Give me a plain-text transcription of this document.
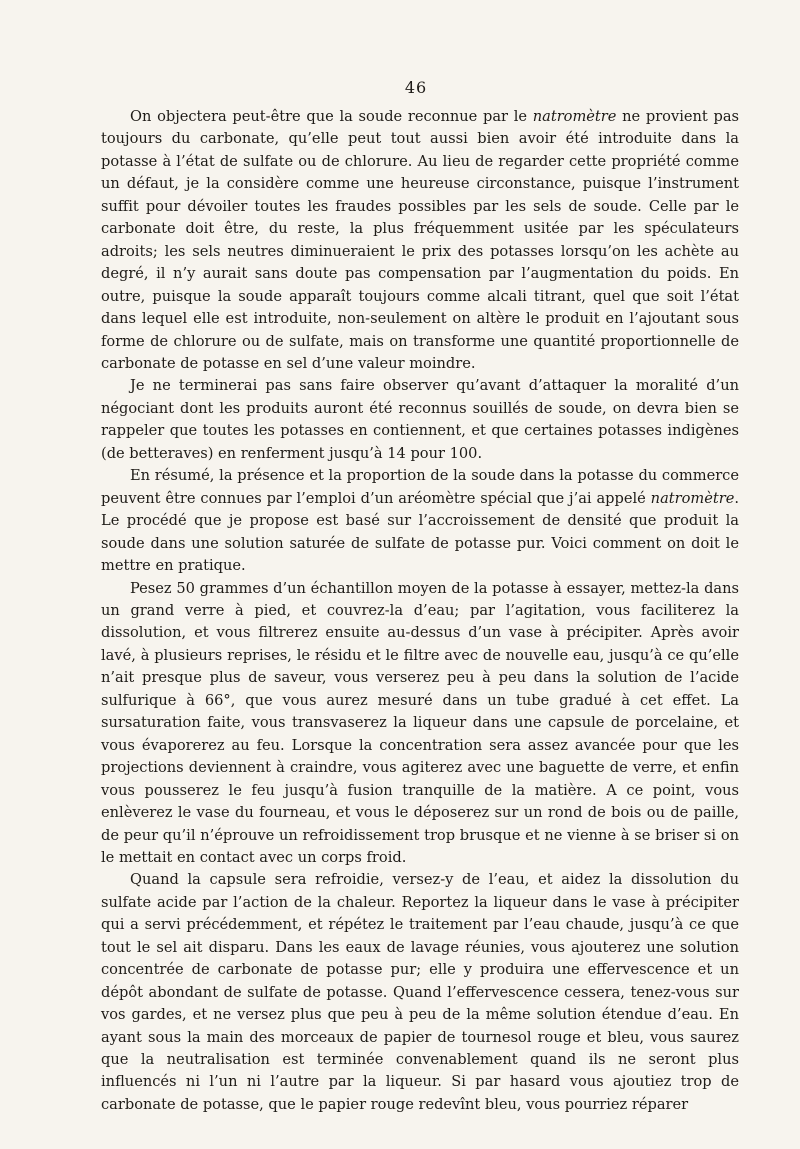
46

On objectera peut-être que la soude reconnue par le natromètre ne provient pas toujours du carbonate, qu’elle peut tout aussi bien avoir été introduite dans la potasse à l’état de sulfate ou de chlorure. Au lieu de regarder cette propriété comme un défaut, je la considère comme une heureuse circonstance, puisque l’instrument suffit pour dévoiler toutes les fraudes possibles par les sels de soude. Celle par le carbonate doit être, du reste, la plus fréquemment usitée par les spéculateurs adroits; les sels neutres diminueraient le prix des potasses lorsqu’on les achète au degré, il n’y aurait sans doute pas compensation par l’augmentation du poids. En outre, puisque la soude apparaît toujours comme alcali titrant, quel que soit l’état dans lequel elle est introduite, non-seulement on altère le produit en l’ajoutant sous forme de chlorure ou de sulfate, mais on transforme une quantité proportionnelle de carbonate de potasse en sel d’une valeur moindre.

Je ne terminerai pas sans faire observer qu’avant d’attaquer la moralité d’un négociant dont les produits auront été reconnus souillés de soude, on devra bien se rappeler que toutes les potasses en contiennent, et que certaines potasses indigènes (de betteraves) en renferment jusqu’à 14 pour 100.

En résumé, la présence et la proportion de la soude dans la potasse du commerce peuvent être connues par l’emploi d’un aréomètre spécial que j’ai appelé natromètre. Le procédé que je propose est basé sur l’accroissement de densité que produit la soude dans une solution saturée de sulfate de potasse pur. Voici comment on doit le mettre en pratique.

Pesez 50 grammes d’un échantillon moyen de la potasse à essayer, mettez-la dans un grand verre à pied, et couvrez-la d’eau; par l’agitation, vous faciliterez la dissolution, et vous filtrerez ensuite au-dessus d’un vase à précipiter. Après avoir lavé, à plusieurs reprises, le résidu et le filtre avec de nouvelle eau, jusqu’à ce qu’elle n’ait presque plus de saveur, vous verserez peu à peu dans la solution de l’acide sulfurique à 66°, que vous aurez mesuré dans un tube gradué à cet effet. La sursaturation faite, vous transvaserez la liqueur dans une capsule de porcelaine, et vous évaporerez au feu. Lorsque la concentration sera assez avancée pour que les projections deviennent à craindre, vous agiterez avec une baguette de verre, et enfin vous pousserez le feu jusqu’à fusion tranquille de la matière. A ce point, vous enlèverez le vase du fourneau, et vous le déposerez sur un rond de bois ou de paille, de peur qu’il n’éprouve un refroidissement trop brusque et ne vienne à se briser si on le mettait en contact avec un corps froid.

Quand la capsule sera refroidie, versez-y de l’eau, et aidez la dissolution du sulfate acide par l’action de la chaleur. Reportez la liqueur dans le vase à précipiter qui a servi précédemment, et répétez le traitement par l’eau chaude, jusqu’à ce que tout le sel ait disparu. Dans les eaux de lavage réunies, vous ajouterez une solution concentrée de carbonate de potasse pur; elle y produira une effervescence et un dépôt abondant de sulfate de potasse. Quand l’effervescence cessera, tenez-vous sur vos gardes, et ne versez plus que peu à peu de la même solution étendue d’eau. En ayant sous la main des morceaux de papier de tournesol rouge et bleu, vous saurez que la neutralisation est terminée convenablement quand ils ne seront plus influencés ni l’un ni l’autre par la liqueur. Si par hasard vous ajoutiez trop de carbonate de potasse, que le papier rouge redevînt bleu, vous pourriez réparer
